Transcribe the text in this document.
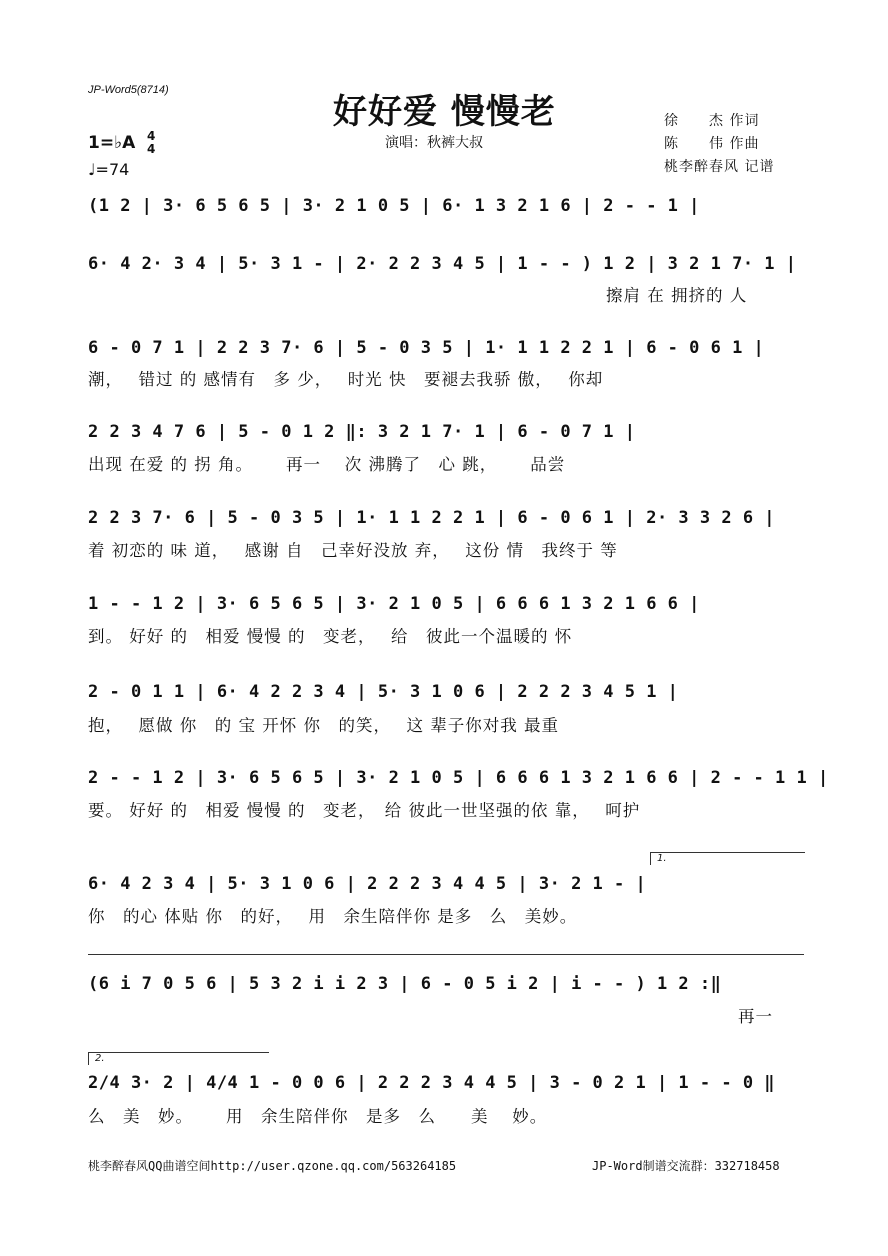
JP-Word5(8714)
好好爱 慢慢老
演唱：秋裤大叔
徐　　杰 作词
陈　　伟 作曲
桃李醉春风 记谱
1=♭A 4
4
♩=74
(1 2 | 3· 6 5 6 5 | 3· 2 1 0 5 | 6· 1 3 2 1 6 | 2 - - 1 |
6· 4 2· 3 4 | 5· 3 1 - | 2· 2 2 3 4 5 | 1 - - ) 1 2 | 3 2 1 7· 1 |
擦肩 在 拥挤的 人
6 - 0 7 1 | 2 2 3 7· 6 | 5 - 0 3 5 | 1· 1 1 2 2 1 | 6 - 0 6 1 |
潮，　 错过 的 感情有　多 少，　 时光 快　要褪去我骄 傲，　 你却
2 2 3 4 7 6 | 5 - 0 1 2 ‖: 3 2 1 7· 1 | 6 - 0 7 1 |
出现 在爱 的 拐 角。　　 再一　 次 沸腾了　心 跳，　　 品尝
2 2 3 7· 6 | 5 - 0 3 5 | 1· 1 1 2 2 1 | 6 - 0 6 1 | 2· 3 3 2 6 |
着 初恋的 味 道，　 感谢 自　己幸好没放 弃，　 这份 情　我终于 等
1 - - 1 2 | 3· 6 5 6 5 | 3· 2 1 0 5 | 6 6 6 1 3 2 1 6 6 |
到。 好好 的　相爱 慢慢 的　变老，　 给　彼此一个温暖的 怀
2 - 0 1 1 | 6· 4 2 2 3 4 | 5· 3 1 0 6 | 2 2 2 3 4 5 1 |
抱，　 愿做 你　的 宝 开怀 你　的笑，　 这 辈子你对我 最重
2 - - 1 2 | 3· 6 5 6 5 | 3· 2 1 0 5 | 6 6 6 1 3 2 1 6 6 | 2 - - 1 1 |
要。 好好 的　相爱 慢慢 的　变老，　给 彼此一世坚强的依 靠，　 呵护
1.
6· 4 2 3 4 | 5· 3 1 0 6 | 2 2 2 3 4 4 5 | 3· 2 1 - |
你　的心 体贴 你　的好，　 用　余生陪伴你 是多　么　美妙。
(6 i 7 0 5 6 | 5 3 2 i i 2 3 | 6 - 0 5 i 2 | i - - ) 1 2 :‖
再一
2.
2/4 3· 2 | 4/4 1 - 0 0 6 | 2 2 2 3 4 4 5 | 3 - 0 2 1 | 1 - - 0 ‖
么　美　妙。　　 用　余生陪伴你　是多　么　　美　 妙。
桃李醉春风QQ曲谱空间http://user.qzone.qq.com/563264185	JP-Word制谱交流群：332718458
